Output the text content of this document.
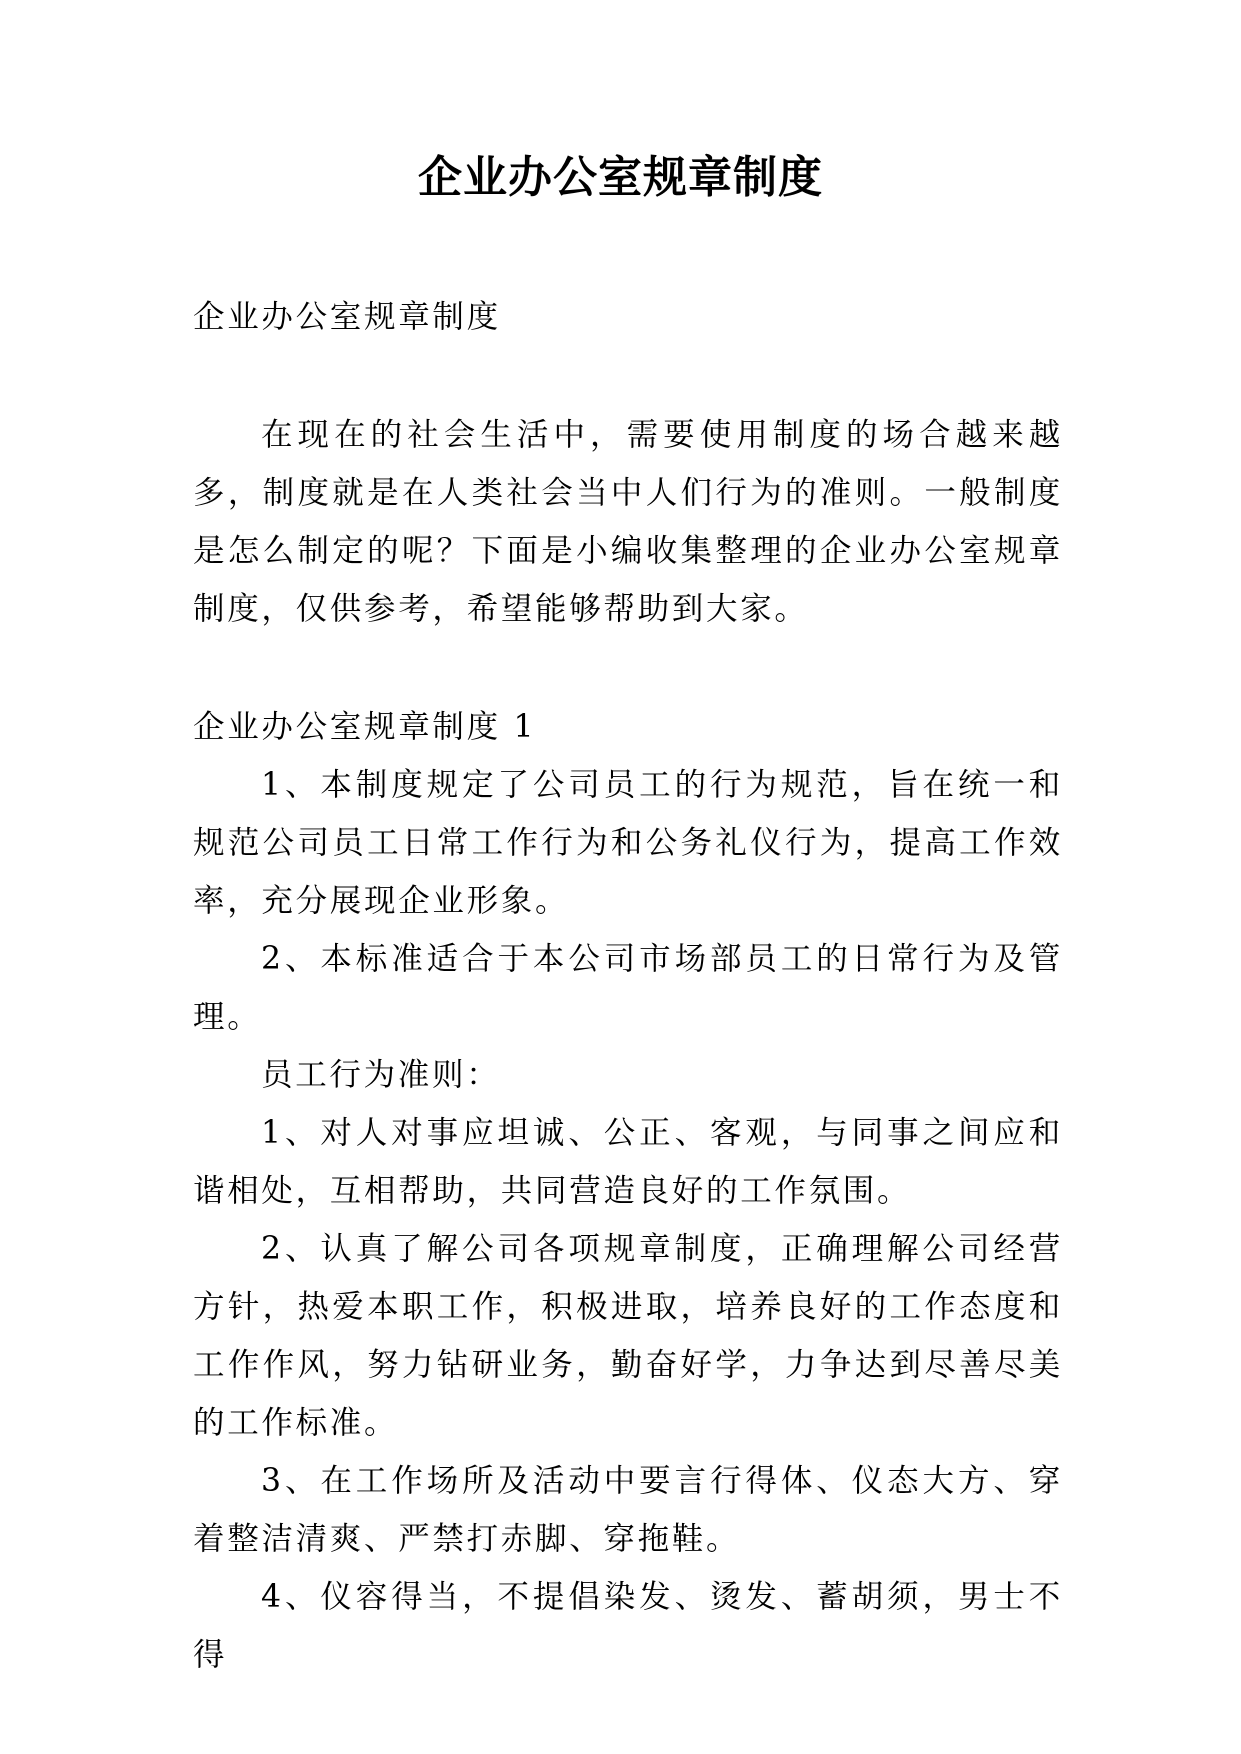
企业办公室规章制度

企业办公室规章制度

在现在的社会生活中，需要使用制度的场合越来越多，制度就是在人类社会当中人们行为的准则。一般制度是怎么制定的呢？下面是小编收集整理的企业办公室规章制度，仅供参考，希望能够帮助到大家。

企业办公室规章制度 1

1、本制度规定了公司员工的行为规范，旨在统一和规范公司员工日常工作行为和公务礼仪行为，提高工作效率，充分展现企业形象。

2、本标准适合于本公司市场部员工的日常行为及管理。

员工行为准则：

1、对人对事应坦诚、公正、客观，与同事之间应和谐相处，互相帮助，共同营造良好的工作氛围。

2、认真了解公司各项规章制度，正确理解公司经营方针，热爱本职工作，积极进取，培养良好的工作态度和工作作风，努力钻研业务，勤奋好学，力争达到尽善尽美的工作标准。

3、在工作场所及活动中要言行得体、仪态大方、穿着整洁清爽、严禁打赤脚、穿拖鞋。

4、仪容得当，不提倡染发、烫发、蓄胡须，男士不得
